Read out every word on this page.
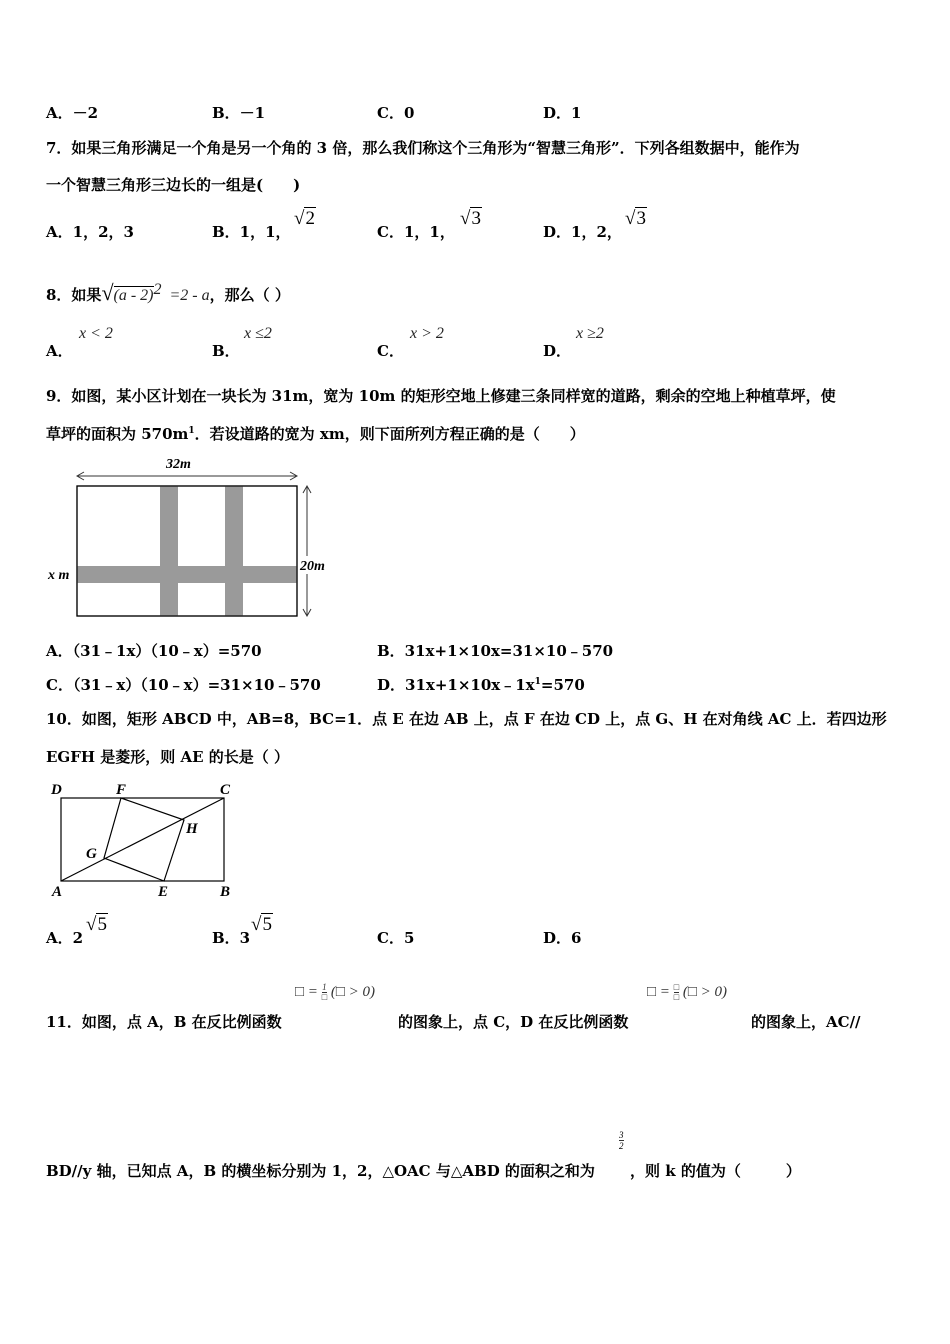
A．－2	B．－1	C．0	D．1
7．如果三角形满足一个角是另一个角的 3 倍，那么我们称这个三角形为“智慧三角形”．下列各组数据中，能作为
一个智慧三角形三边长的一组是(　　)
A．1，2，3	B．1，1，
√2
C．1，1，
√3
D．1，2，
√3
8．如果√(a - 2)$^2$ =2 - a，那么（ ）
A．
x < 2
B．
x ≤2
C．
x > 2
D．
x ≥2
9．如图，某小区计划在一块长为 31m，宽为 10m 的矩形空地上修建三条同样宽的道路，剩余的空地上种植草坪，使
草坪的面积为 $570m^1$．若设道路的宽为 xm，则下面所列方程正确的是（　　）
32m
20m
x m
A．（31﹣1x）（10﹣x）=570	B．31x+1×10x=31×10﹣570
C．（31﹣x）（10﹣x）=31×10﹣570	D．$31x+1\times 10x﹣1x^1=570$
10．如图，矩形 ABCD 中，AB=8，BC=1．点 E 在边 AB 上，点 F 在边 CD 上，点 G、H 在对角线 AC 上．若四边形
EGFH 是菱形，则 AE 的长是（ ）
D	F	C
G
H
A	E	B
A．2
√5
B．3
√5
C．5	D．6
□ = $\frac{1}{□}$ (□ > 0)	□ = $\frac{□}{□}$ (□ > 0)
11．如图，点 A，B 在反比例函数	的图象上，点 C，D 在反比例函数	的图象上，AC//
$\frac{3}{2}$
BD//y 轴，已知点 A，B 的横坐标分别为 1，2，△OAC 与△ABD 的面积之和为 ，则 k 的值为（　　　）
